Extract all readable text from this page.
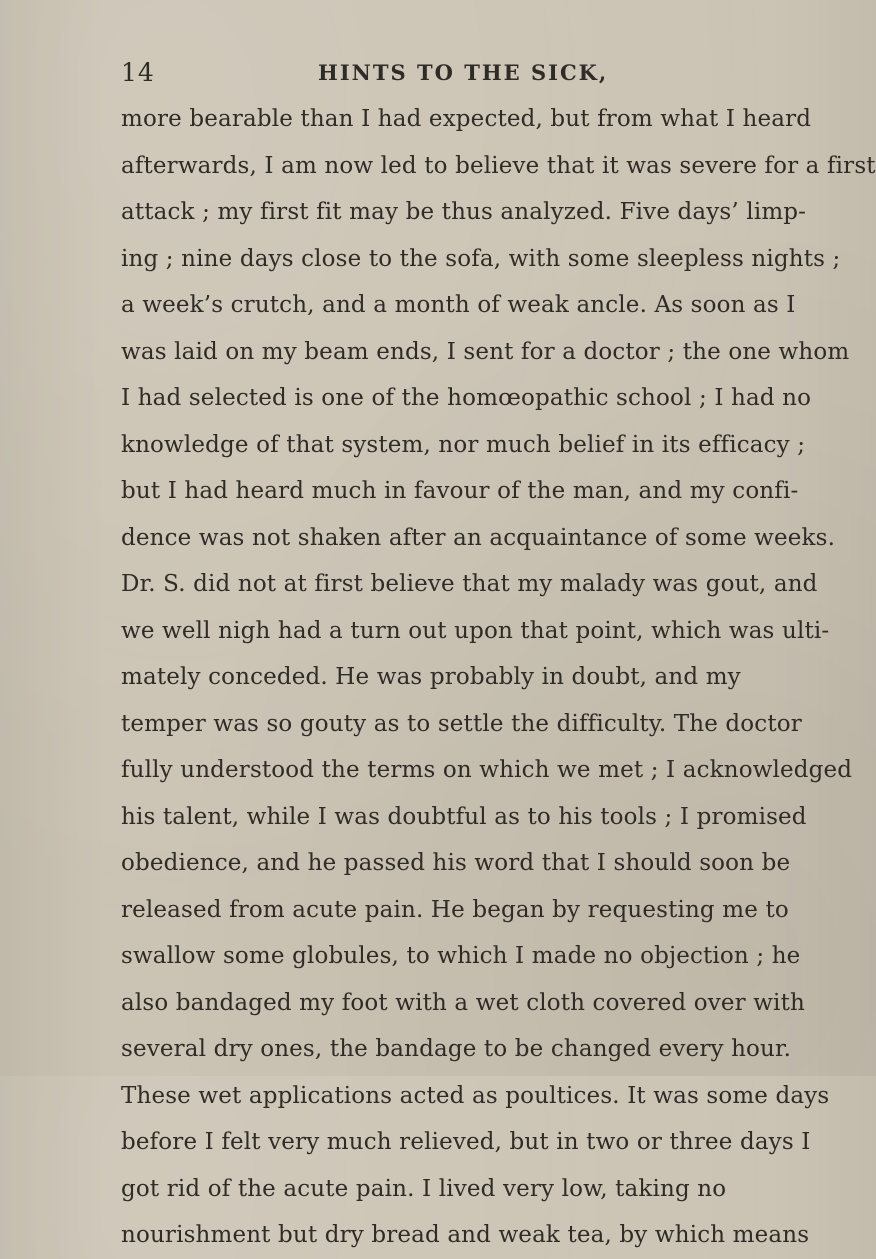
14	HINTS TO THE SICK,
more bearable than I had expected, but from what I heard
afterwards, I am now led to believe that it was severe for a first
attack ; my first fit may be thus analyzed. Five days’ limp-
ing ; nine days close to the sofa, with some sleepless nights ;
a week’s crutch, and a month of weak ancle. As soon as I
was laid on my beam ends, I sent for a doctor ; the one whom
I had selected is one of the homœopathic school ; I had no
knowledge of that system, nor much belief in its efficacy ;
but I had heard much in favour of the man, and my confi-
dence was not shaken after an acquaintance of some weeks.
Dr. S. did not at first believe that my malady was gout, and
we well nigh had a turn out upon that point, which was ulti-
mately conceded. He was probably in doubt, and my
temper was so gouty as to settle the difficulty. The doctor
fully understood the terms on which we met ; I acknowledged
his talent, while I was doubtful as to his tools ; I promised
obedience, and he passed his word that I should soon be
released from acute pain. He began by requesting me to
swallow some globules, to which I made no objection ; he
also bandaged my foot with a wet cloth covered over with
several dry ones, the bandage to be changed every hour.
These wet applications acted as poultices. It was some days
before I felt very much relieved, but in two or three days I
got rid of the acute pain. I lived very low, taking no
nourishment but dry bread and weak tea, by which means
